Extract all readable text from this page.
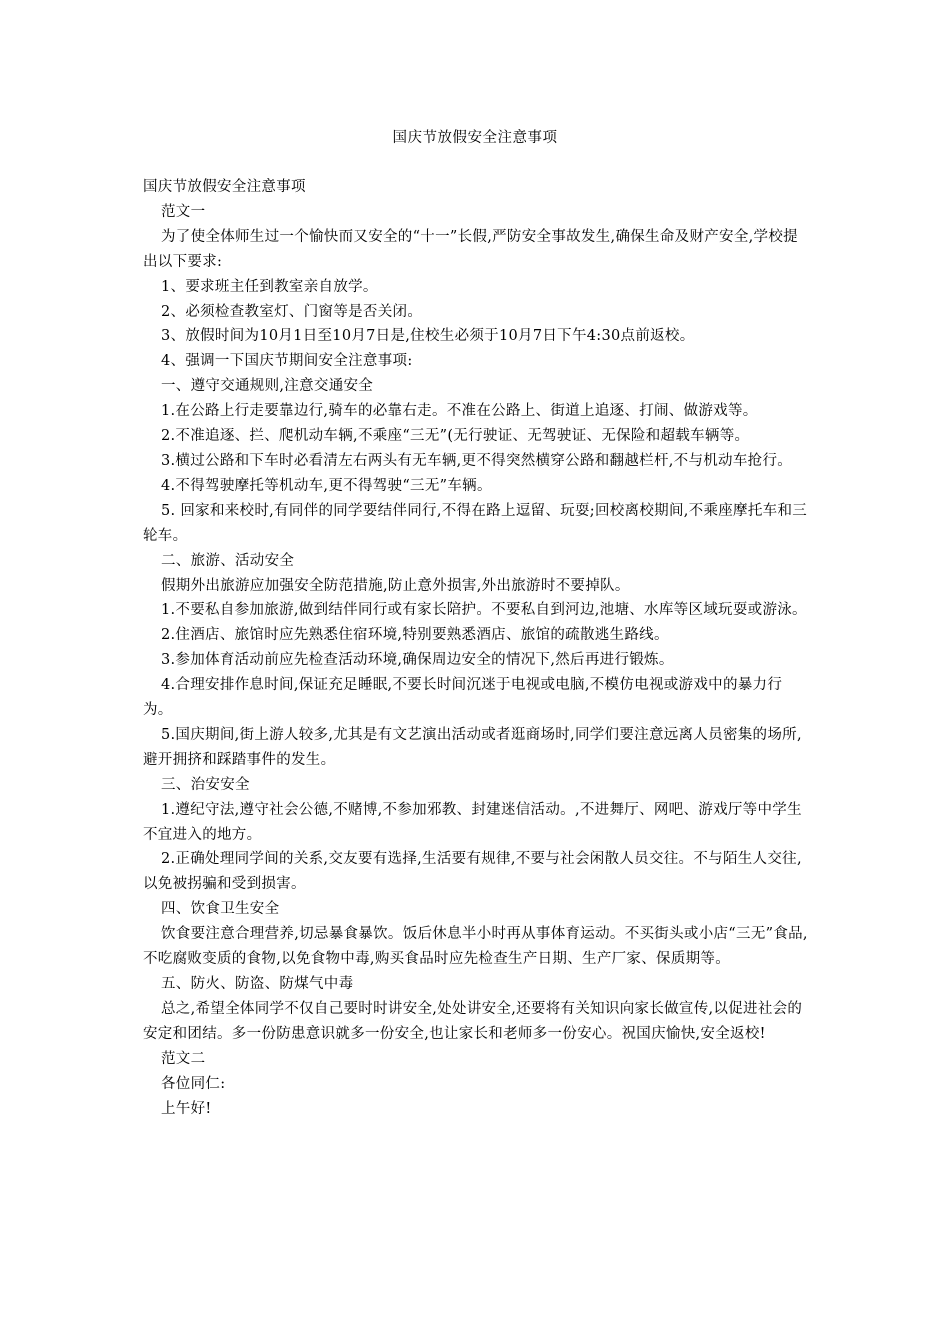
国庆节放假安全注意事项

国庆节放假安全注意事项

范文一

为了使全体师生过一个愉快而又安全的“十一”长假,严防安全事故发生,确保生命及财产安全,学校提出以下要求:

1、要求班主任到教室亲自放学。

2、必须检查教室灯、门窗等是否关闭。

3、放假时间为10月1日至10月7日是,住校生必须于10月7日下午4:30点前返校。

4、强调一下国庆节期间安全注意事项:

一、遵守交通规则,注意交通安全

1.在公路上行走要靠边行,骑车的必靠右走。不准在公路上、街道上追逐、打闹、做游戏等。

2.不准追逐、拦、爬机动车辆,不乘座“三无”(无行驶证、无驾驶证、无保险和超载车辆等。

3.横过公路和下车时必看清左右两头有无车辆,更不得突然横穿公路和翻越栏杆,不与机动车抢行。

4.不得驾驶摩托等机动车,更不得驾驶“三无”车辆。

5. 回家和来校时,有同伴的同学要结伴同行,不得在路上逗留、玩耍;回校离校期间,不乘座摩托车和三轮车。

二、旅游、活动安全

假期外出旅游应加强安全防范措施,防止意外损害,外出旅游时不要掉队。

1.不要私自参加旅游,做到结伴同行或有家长陪护。不要私自到河边,池塘、水库等区域玩耍或游泳。

2.住酒店、旅馆时应先熟悉住宿环境,特别要熟悉酒店、旅馆的疏散逃生路线。

3.参加体育活动前应先检查活动环境,确保周边安全的情况下,然后再进行锻炼。

4.合理安排作息时间,保证充足睡眠,不要长时间沉迷于电视或电脑,不模仿电视或游戏中的暴力行为。

5.国庆期间,街上游人较多,尤其是有文艺演出活动或者逛商场时,同学们要注意远离人员密集的场所,避开拥挤和踩踏事件的发生。

三、治安安全

1.遵纪守法,遵守社会公德,不赌博,不参加邪教、封建迷信活动。,不进舞厅、网吧、游戏厅等中学生不宜进入的地方。

2.正确处理同学间的关系,交友要有选择,生活要有规律,不要与社会闲散人员交往。不与陌生人交往,以免被拐骗和受到损害。

四、饮食卫生安全

饮食要注意合理营养,切忌暴食暴饮。饭后休息半小时再从事体育运动。不买街头或小店“三无”食品,不吃腐败变质的食物,以免食物中毒,购买食品时应先检查生产日期、生产厂家、保质期等。

五、防火、防盗、防煤气中毒

总之,希望全体同学不仅自己要时时讲安全,处处讲安全,还要将有关知识向家长做宣传,以促进社会的安定和团结。多一份防患意识就多一份安全,也让家长和老师多一份安心。祝国庆愉快,安全返校!

范文二

各位同仁:

上午好!
